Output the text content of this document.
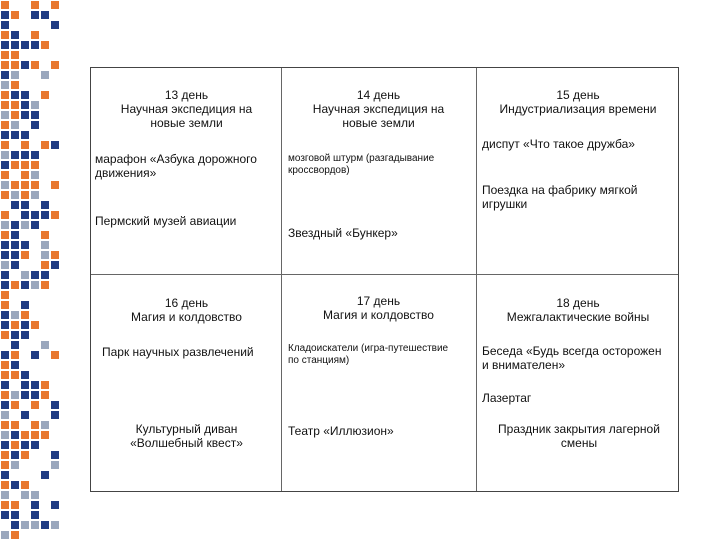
13 день
Научная экспедиция на
новые земли
марафон «Азбука дорожного
движения»
Пермский музей авиации
14 день
Научная экспедиция на
новые земли
мозговой штурм (разгадывание
кроссвордов)
Звездный «Бункер»
15 день
Индустриализация времени
диспут «Что такое дружба»
Поездка на фабрику мягкой
игрушки
16 день
Магия и колдовство
Парк научных развлечений
Культурный диван
«Волшебный квест»
17 день
Магия и колдовство
Кладоискатели (игра-путешествие
по станциям)
Театр «Иллюзион»
18 день
Межгалактические войны
Беседа «Будь всегда осторожен
и внимателен»
Лазертаг
Праздник закрытия лагерной
смены
